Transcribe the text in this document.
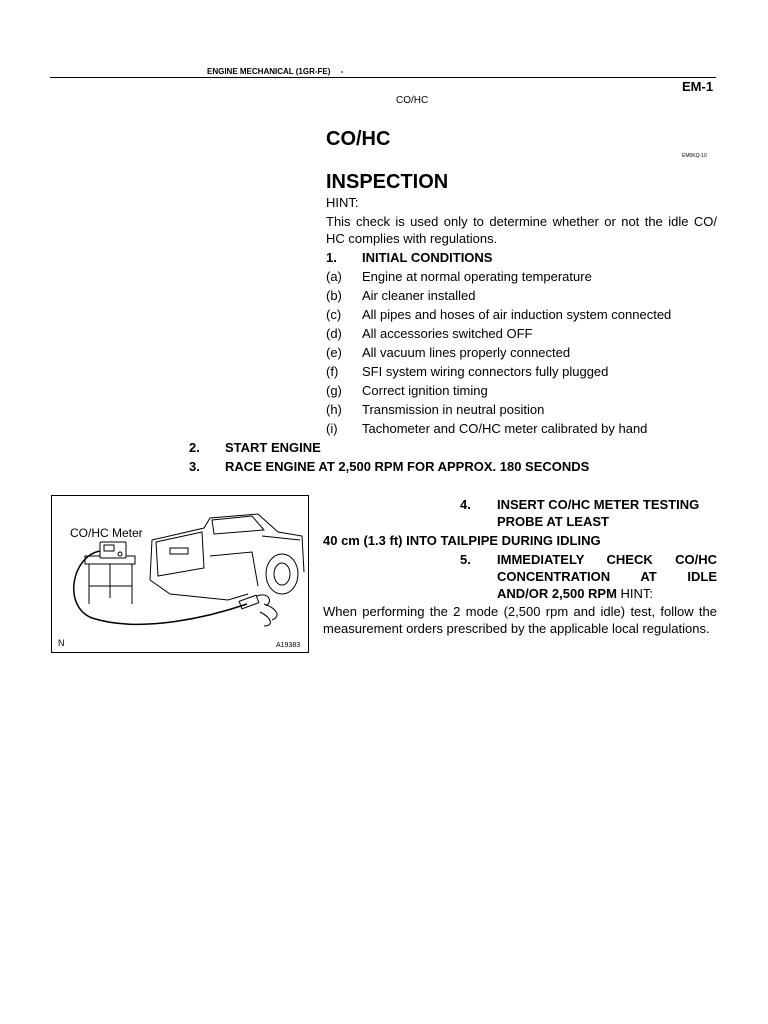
ENGINE MECHANICAL (1GR-FE) -
EM-1
CO/HC
CO/HC
EM0KQ-10
INSPECTION
HINT:
This check is used only to determine whether or not the idle CO/ HC complies with regulations.
1.	INITIAL CONDITIONS
(a)	Engine at normal operating temperature
(b)	Air cleaner installed
(c)	All pipes and hoses of air induction system connected
(d)	All accessories switched OFF
(e)	All vacuum lines properly connected
(f)	SFI system wiring connectors fully plugged
(g)	Correct ignition timing
(h)	Transmission in neutral position
(i)	Tachometer and CO/HC meter calibrated by hand
2.	START ENGINE
3.	RACE ENGINE AT 2,500 RPM FOR APPROX. 180 SECONDS
CO/HC Meter
N	A19383
4. INSERT CO/HC METER TESTING
PROBE AT LEAST
40 cm (1.3 ft) INTO TAILPIPE DURING IDLING
5. IMMEDIATELY CHECK CO/HC
CONCENTRATION AT IDLE
AND/OR 2,500 RPM HINT:
When performing the 2 mode (2,500 rpm and idle) test, follow the measurement orders prescribed by the applicable local regulations.
